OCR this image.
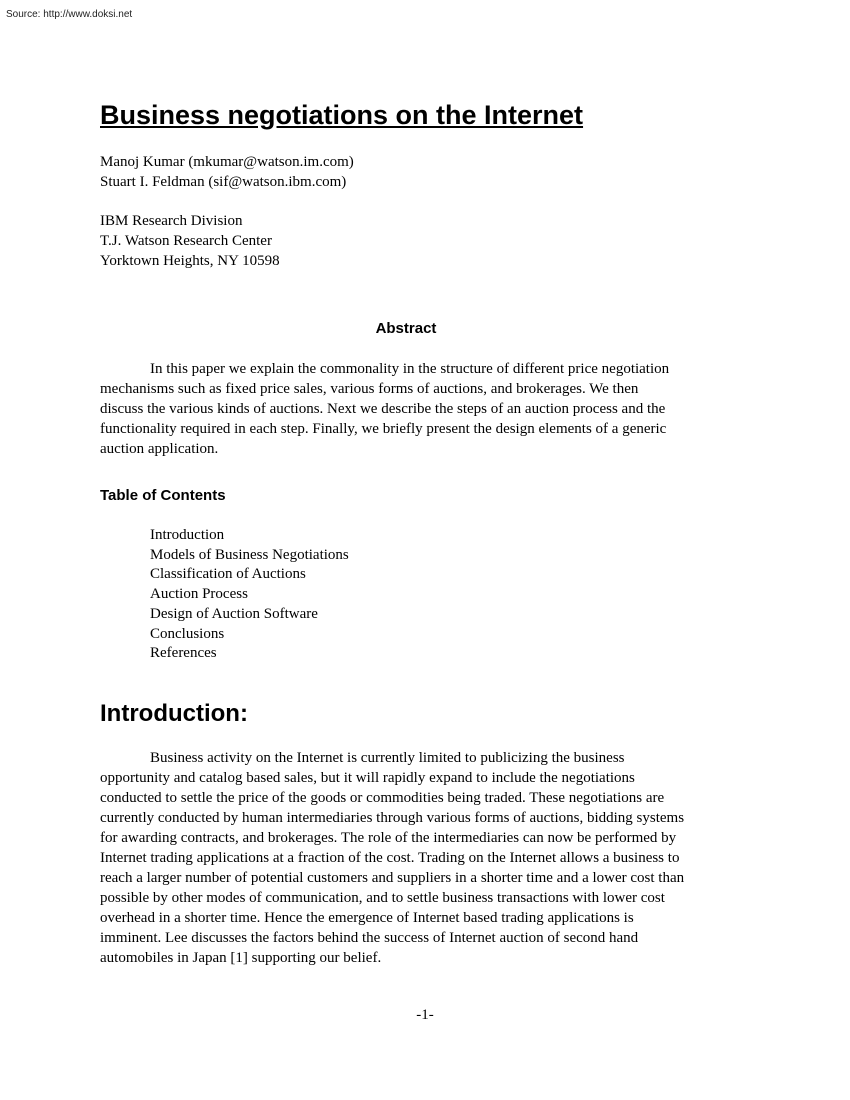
Source: http://www.doksi.net
Business negotiations on the Internet
Manoj Kumar (mkumar@watson.im.com)
Stuart I. Feldman (sif@watson.ibm.com)
IBM Research Division
T.J. Watson Research Center
Yorktown Heights, NY 10598
Abstract
In this paper we explain the commonality in the structure of different price negotiation
mechanisms such as fixed price sales, various forms of auctions, and brokerages. We then
discuss the various kinds of auctions. Next we describe the steps of an auction process and the
functionality required in each step. Finally, we briefly present the design elements of a generic
auction application.
Table of Contents
Introduction
Models of Business Negotiations
Classification of Auctions
Auction Process
Design of Auction Software
Conclusions
References
Introduction:
Business activity on the Internet is currently limited to publicizing the business
opportunity and catalog based sales, but it will rapidly expand to include the negotiations
conducted to settle the price of the goods or commodities being traded. These negotiations are
currently conducted by human intermediaries through various forms of auctions, bidding systems
for awarding contracts, and brokerages. The role of the intermediaries can now be performed by
Internet trading applications at a fraction of the cost. Trading on the Internet allows a business to
reach a larger number of potential customers and suppliers in a shorter time and a lower cost than
possible by other modes of communication, and to settle business transactions with lower cost
overhead in a shorter time. Hence the emergence of Internet based trading applications is
imminent. Lee discusses the factors behind the success of Internet auction of second hand
automobiles in Japan [1] supporting our belief.
-1-
